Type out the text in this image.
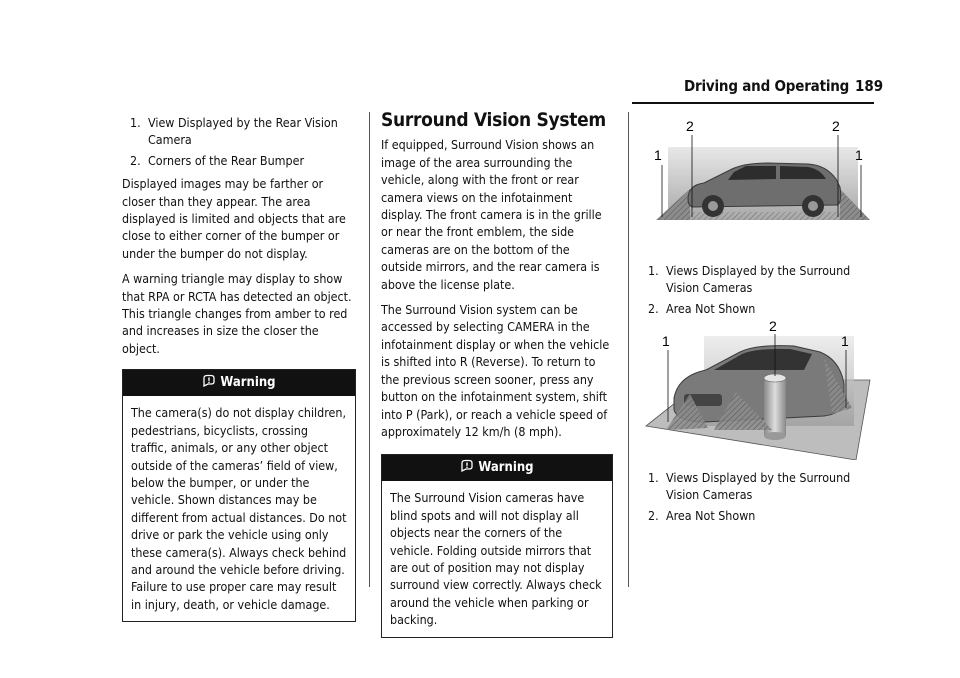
Driving and Operating 189
1. View Displayed by the Rear Vision Camera
2. Corners of the Rear Bumper

Displayed images may be farther or closer than they appear. The area displayed is limited and objects that are close to either corner of the bumper or under the bumper do not display.

A warning triangle may display to show that RPA or RCTA has detected an object. This triangle changes from amber to red and increases in size the closer the object.

Warning
The camera(s) do not display children, pedestrians, bicyclists, crossing traffic, animals, or any other object outside of the cameras’ field of view, below the bumper, or under the vehicle. Shown distances may be different from actual distances. Do not drive or park the vehicle using only these camera(s). Always check behind and around the vehicle before driving. Failure to use proper care may result in injury, death, or vehicle damage.
Surround Vision System

If equipped, Surround Vision shows an image of the area surrounding the vehicle, along with the front or rear camera views on the infotainment display. The front camera is in the grille or near the front emblem, the side cameras are on the bottom of the outside mirrors, and the rear camera is above the license plate.

The Surround Vision system can be accessed by selecting CAMERA in the infotainment display or when the vehicle is shifted into R (Reverse). To return to the previous screen sooner, press any button on the infotainment system, shift into P (Park), or reach a vehicle speed of approximately 12 km/h (8 mph).

Warning
The Surround Vision cameras have blind spots and will not display all objects near the corners of the vehicle. Folding outside mirrors that are out of position may not display surround view correctly. Always check around the vehicle when parking or backing.
1
2	2
1
1. Views Displayed by the Surround Vision Cameras
2. Area Not Shown
1
2
1
1. Views Displayed by the Surround Vision Cameras
2. Area Not Shown
